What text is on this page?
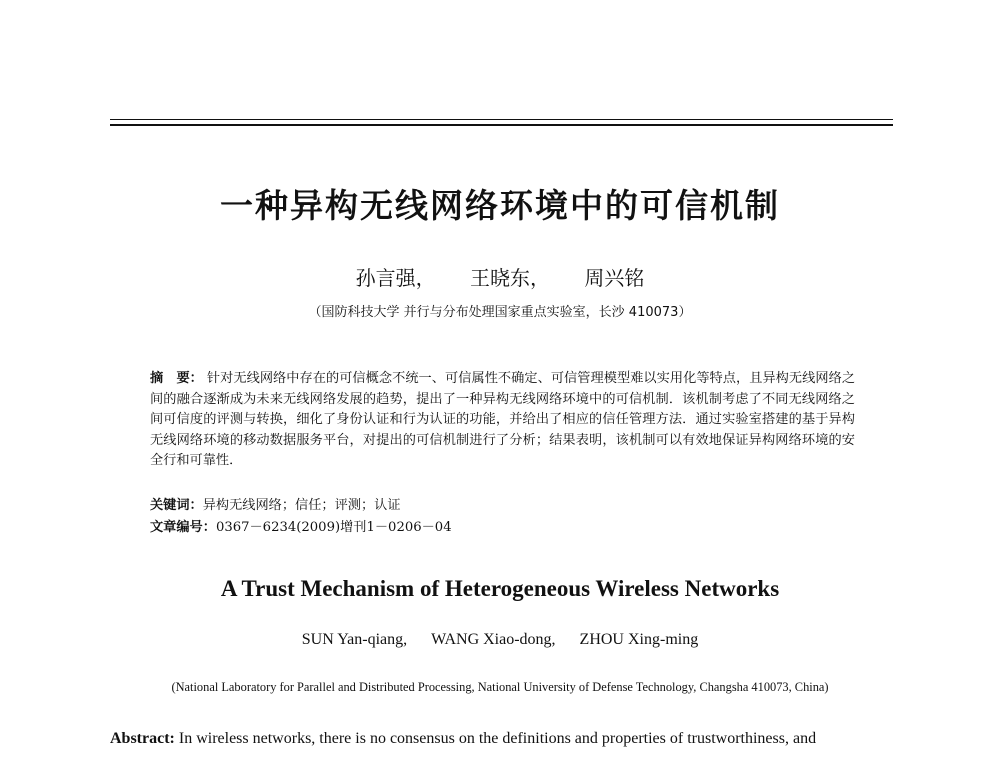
一种异构无线网络环境中的可信机制
孙言强， 王晓东， 周兴铭
（国防科技大学 并行与分布处理国家重点实验室，长沙 410073）
摘　要： 针对无线网络中存在的可信概念不统一、可信属性不确定、可信管理模型难以实用化等特点，且异构无线网络之间的融合逐渐成为未来无线网络发展的趋势，提出了一种异构无线网络环境中的可信机制．该机制考虑了不同无线网络之间可信度的评测与转换，细化了身份认证和行为认证的功能，并给出了相应的信任管理方法．通过实验室搭建的基于异构无线网络环境的移动数据服务平台，对提出的可信机制进行了分析；结果表明，该机制可以有效地保证异构网络环境的安全行和可靠性．
关键词：异构无线网络；信任；评测；认证
文章编号：0367－6234(2009)增刊1－0206－04
A Trust Mechanism of Heterogeneous Wireless Networks
SUN Yan-qiang, WANG Xiao-dong, ZHOU Xing-ming
(National Laboratory for Parallel and Distributed Processing, National University of Defense Technology, Changsha 410073, China)
Abstract: In wireless networks, there is no consensus on the definitions and properties of trustworthiness, and
